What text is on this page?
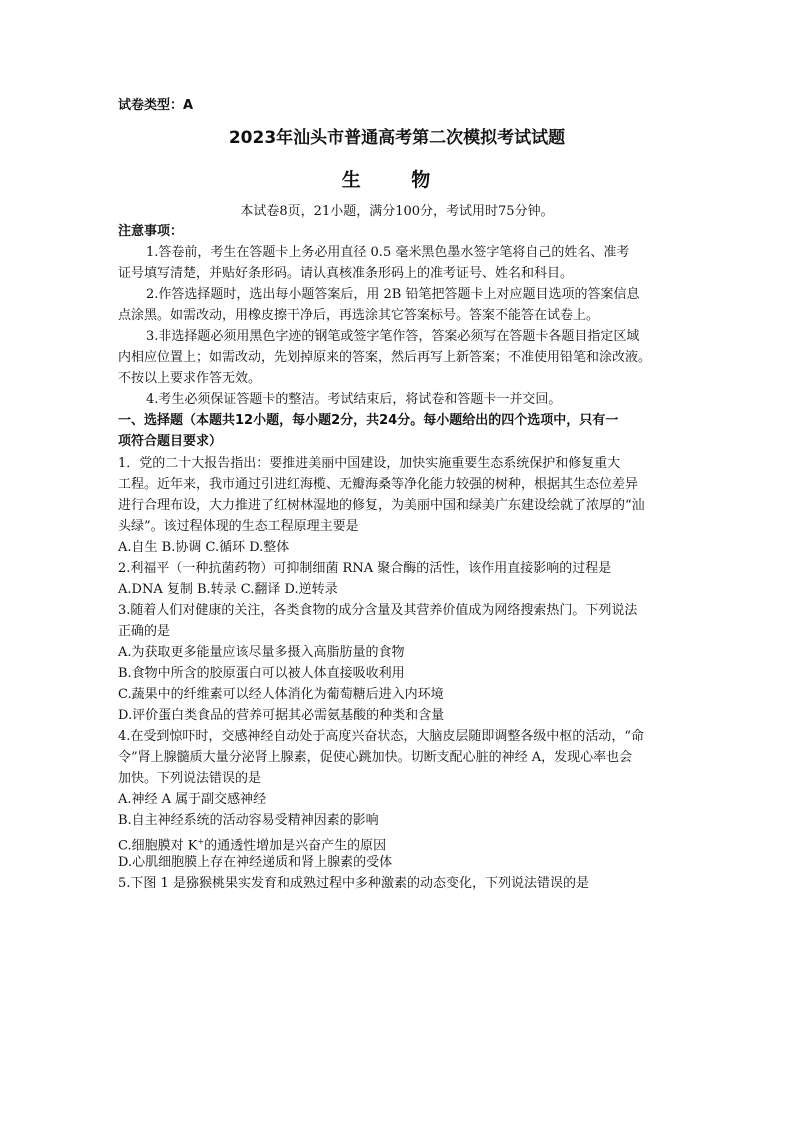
试卷类型：A
2023年汕头市普通高考第二次模拟考试试题
生 物
本试卷8页，21小题，满分100分，考试用时75分钟。
注意事项：
1.答卷前，考生在答题卡上务必用直径 0.5 毫米黑色墨水签字笔将自己的姓名、准考
证号填写清楚，并贴好条形码。请认真核准条形码上的准考证号、姓名和科目。
2.作答选择题时，选出每小题答案后，用 2B 铅笔把答题卡上对应题目选项的答案信息
点涂黑。如需改动，用橡皮擦干净后，再选涂其它答案标号。答案不能答在试卷上。
3.非选择题必须用黑色字迹的钢笔或签字笔作答，答案必须写在答题卡各题目指定区域
内相应位置上；如需改动，先划掉原来的答案，然后再写上新答案；不准使用铅笔和涂改液。
不按以上要求作答无效。
4.考生必须保证答题卡的整洁。考试结束后，将试卷和答题卡一并交回。
一、选择题（本题共12小题，每小题2分，共24分。每小题给出的四个选项中，只有一
项符合题目要求）
1．党的二十大报告指出：要推进美丽中国建设，加快实施重要生态系统保护和修复重大
工程。近年来，我市通过引进红海榄、无瓣海桑等净化能力较强的树种，根据其生态位差异
进行合理布设，大力推进了红树林湿地的修复，为美丽中国和绿美广东建设绘就了浓厚的“汕
头绿”。该过程体现的生态工程原理主要是
A.自生 B.协调 C.循环 D.整体
2.利福平（一种抗菌药物）可抑制细菌 RNA 聚合酶的活性，该作用直接影响的过程是
A.DNA 复制 B.转录 C.翻译 D.逆转录
3.随着人们对健康的关注，各类食物的成分含量及其营养价值成为网络搜索热门。下列说法
正确的是
A.为获取更多能量应该尽量多摄入高脂肪量的食物
B.食物中所含的胶原蛋白可以被人体直接吸收利用
C.蔬果中的纤维素可以经人体消化为葡萄糖后进入内环境
D.评价蛋白类食品的营养可据其必需氨基酸的种类和含量
4.在受到惊吓时，交感神经自动处于高度兴奋状态，大脑皮层随即调整各级中枢的活动，“命
令”肾上腺髓质大量分泌肾上腺素，促使心跳加快。切断支配心脏的神经 A，发现心率也会
加快。下列说法错误的是
A.神经 A 属于副交感神经
B.自主神经系统的活动容易受精神因素的影响
C.细胞膜对 K+的通透性增加是兴奋产生的原因
D.心肌细胞膜上存在神经递质和肾上腺素的受体
5.下图 1 是猕猴桃果实发育和成熟过程中多种激素的动态变化，下列说法错误的是
